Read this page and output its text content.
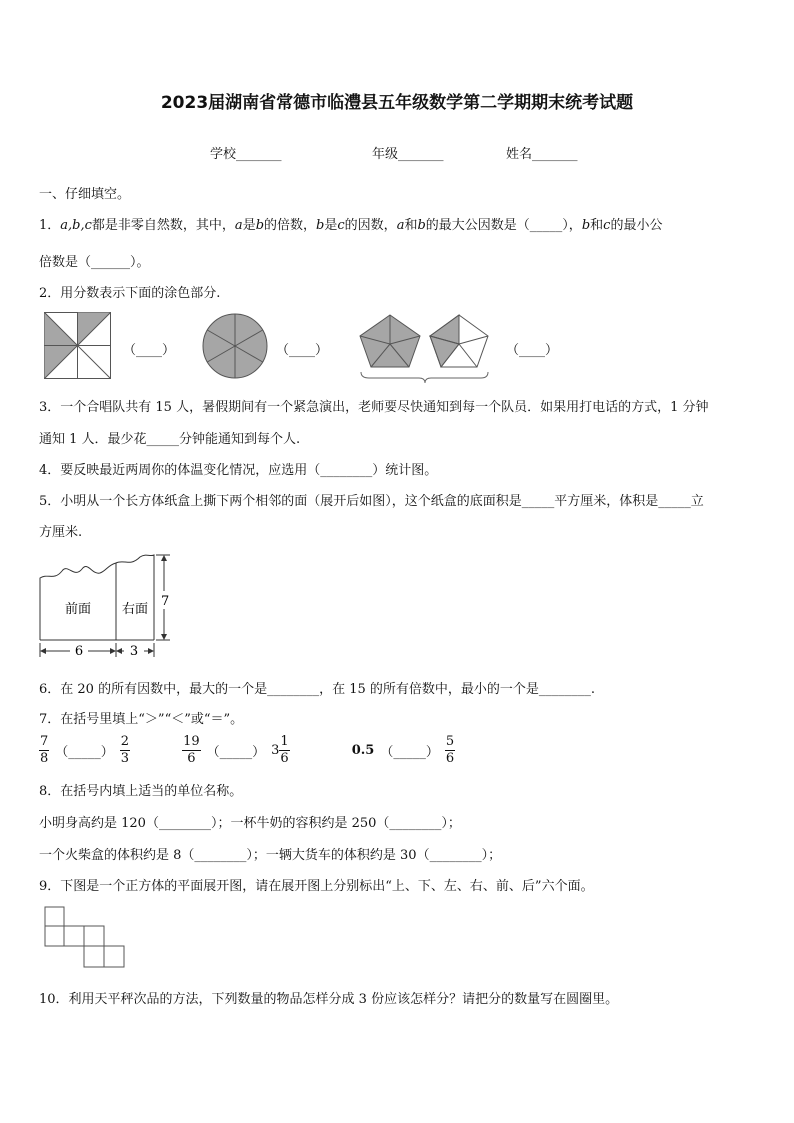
2023届湖南省常德市临澧县五年级数学第二学期期末统考试题
学校_______	年级_______	姓名_______
一、仔细填空。
1．a,b,c都是非零自然数，其中，a是b的倍数，b是c的因数，a和b的最大公因数是（_____），b和c的最小公
倍数是（______）。
2．用分数表示下面的涂色部分.
（____）	（____）	（____）
3．一个合唱队共有 15 人，暑假期间有一个紧急演出，老师要尽快通知到每一个队员．如果用打电话的方式，1 分钟
通知 1 人．最少花_____分钟能通知到每个人.
4．要反映最近两周你的体温变化情况，应选用（________）统计图。
5．小明从一个长方体纸盒上撕下两个相邻的面（展开后如图），这个纸盒的底面积是_____平方厘米，体积是_____立
方厘米.
前面 右面
6	3
7
6．在 20 的所有因数中，最大的一个是________，在 15 的所有倍数中，最小的一个是________.
7．在括号里填上“＞”“＜”或“＝”。
$\frac{7}{8}$ （_____） $\frac{2}{3}$	$\frac{19}{6}$ （_____） $3 \frac{1}{6}$	0.5 （_____） $\frac{5}{6}$
8．在括号内填上适当的单位名称。
小明身高约是 120（________）；一杯牛奶的容积约是 250（________）；
一个火柴盒的体积约是 8（________）；一辆大货车的体积约是 30（________）；
9．下图是一个正方体的平面展开图，请在展开图上分别标出“上、下、左、右、前、后”六个面。
10．利用天平秤次品的方法，下列数量的物品怎样分成 3 份应该怎样分？请把分的数量写在圆圈里。
